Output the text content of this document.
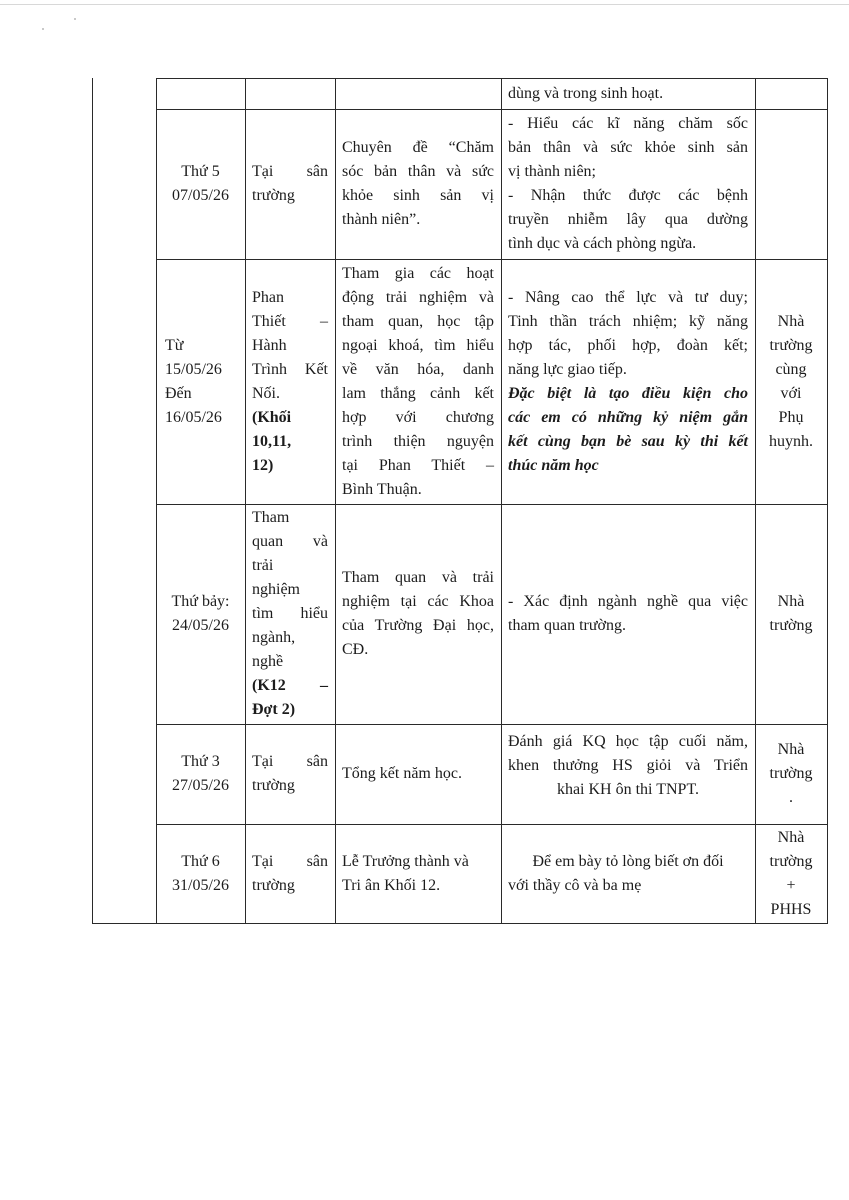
dùng và trong sinh hoạt.
Thứ 5
07/05/26
Tại sân
trường
Chuyên đề “Chăm
sóc bản thân và sức
khỏe sinh sản vị
thành niên”.
- Hiểu các kĩ năng chăm sốc
bản thân và sức khỏe sinh sản
vị thành niên;
- Nhận thức được các bệnh
truyền nhiễm lây qua dường
tình dục và cách phòng ngừa.
Từ
15/05/26
Đến
16/05/26
Phan
Thiết –
Hành
Trình Kết
Nối.
(Khối
10,11,
12)
Tham gia các hoạt
động trải nghiệm và
tham quan, học tập
ngoại khoá, tìm hiểu
về văn hóa, danh
lam thắng cảnh kết
hợp với chương
trình thiện nguyện
tại Phan Thiết –
Bình Thuận.
- Nâng cao thể lực và tư duy;
Tinh thần trách nhiệm; kỹ năng
hợp tác, phối hợp, đoàn kết;
năng lực giao tiếp.
Đặc biệt là tạo điều kiện cho
các em có những kỷ niệm gắn
kết cùng bạn bè sau kỳ thi kết
thúc năm học
Nhà
trường
cùng
với
Phụ
huynh.
Thứ bảy:
24/05/26
Tham
quan và
trải
nghiệm
tìm hiểu
ngành,
nghề
(K12 –
Đợt 2)
Tham quan và trải
nghiệm tại các Khoa
của Trường Đại học,
CĐ.
- Xác định ngành nghề qua việc
tham quan trường.
Nhà
trường
Thứ 3
27/05/26
Tại sân
trường
Tổng kết năm học.
Đánh giá KQ học tập cuối năm,
khen thưởng HS giỏi và Triển
khai KH ôn thi TNPT.
Nhà
trường
.
Thứ 6
31/05/26
Tại sân
trường
Lễ Trưởng thành và
Tri ân Khối 12.
Để em bày tỏ lòng biết ơn đối
với thầy cô và ba mẹ
Nhà
trường
+
PHHS
